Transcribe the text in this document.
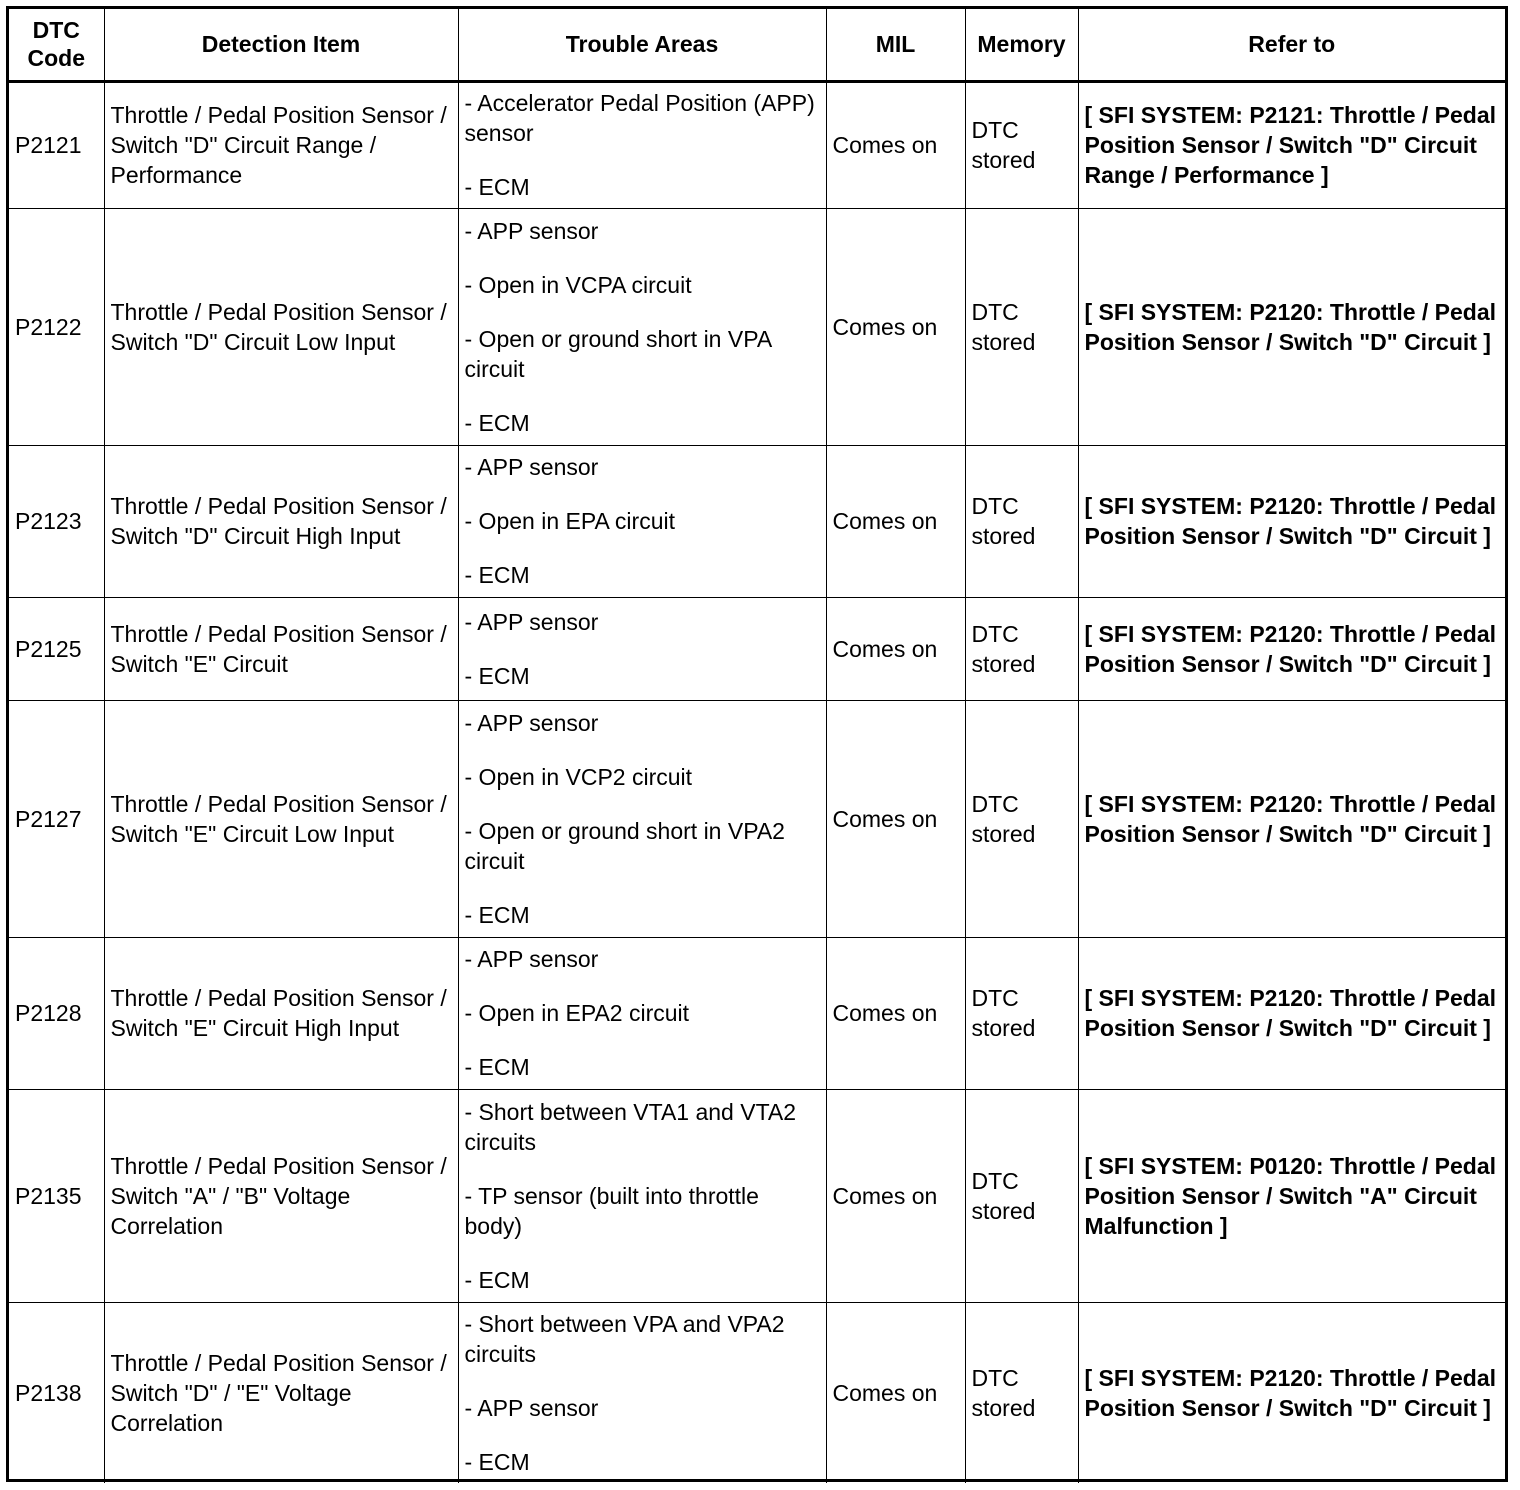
DTC
Code	Detection Item	Trouble Areas	MIL	Memory	Refer to
P2121	Throttle / Pedal Position Sensor / Switch "D" Circuit Range / Performance	- Accelerator Pedal Position (APP) sensor
- ECM	Comes on	DTC stored	[ SFI SYSTEM: P2121: Throttle / Pedal Position Sensor / Switch "D" Circuit Range / Performance ]

P2122	Throttle / Pedal Position Sensor / Switch "D" Circuit Low Input	- APP sensor
- Open in VCPA circuit
- Open or ground short in VPA circuit
- ECM	Comes on	DTC stored	[ SFI SYSTEM: P2120: Throttle / Pedal Position Sensor / Switch "D" Circuit ]

P2123	Throttle / Pedal Position Sensor / Switch "D" Circuit High Input	- APP sensor
- Open in EPA circuit
- ECM	Comes on	DTC stored	[ SFI SYSTEM: P2120: Throttle / Pedal Position Sensor / Switch "D" Circuit ]

P2125	Throttle / Pedal Position Sensor / Switch "E" Circuit	- APP sensor
- ECM	Comes on	DTC stored	[ SFI SYSTEM: P2120: Throttle / Pedal Position Sensor / Switch "D" Circuit ]

P2127	Throttle / Pedal Position Sensor / Switch "E" Circuit Low Input	- APP sensor
- Open in VCP2 circuit
- Open or ground short in VPA2 circuit
- ECM	Comes on	DTC stored	[ SFI SYSTEM: P2120: Throttle / Pedal Position Sensor / Switch "D" Circuit ]

P2128	Throttle / Pedal Position Sensor / Switch "E" Circuit High Input	- APP sensor
- Open in EPA2 circuit
- ECM	Comes on	DTC stored	[ SFI SYSTEM: P2120: Throttle / Pedal Position Sensor / Switch "D" Circuit ]

P2135	Throttle / Pedal Position Sensor / Switch "A" / "B" Voltage Correlation	- Short between VTA1 and VTA2 circuits
- TP sensor (built into throttle body)
- ECM	Comes on	DTC stored	[ SFI SYSTEM: P0120: Throttle / Pedal Position Sensor / Switch "A" Circuit Malfunction ]

P2138	Throttle / Pedal Position Sensor / Switch "D" / "E" Voltage Correlation	- Short between VPA and VPA2 circuits
- APP sensor
- ECM	Comes on	DTC stored	[ SFI SYSTEM: P2120: Throttle / Pedal Position Sensor / Switch "D" Circuit ]
